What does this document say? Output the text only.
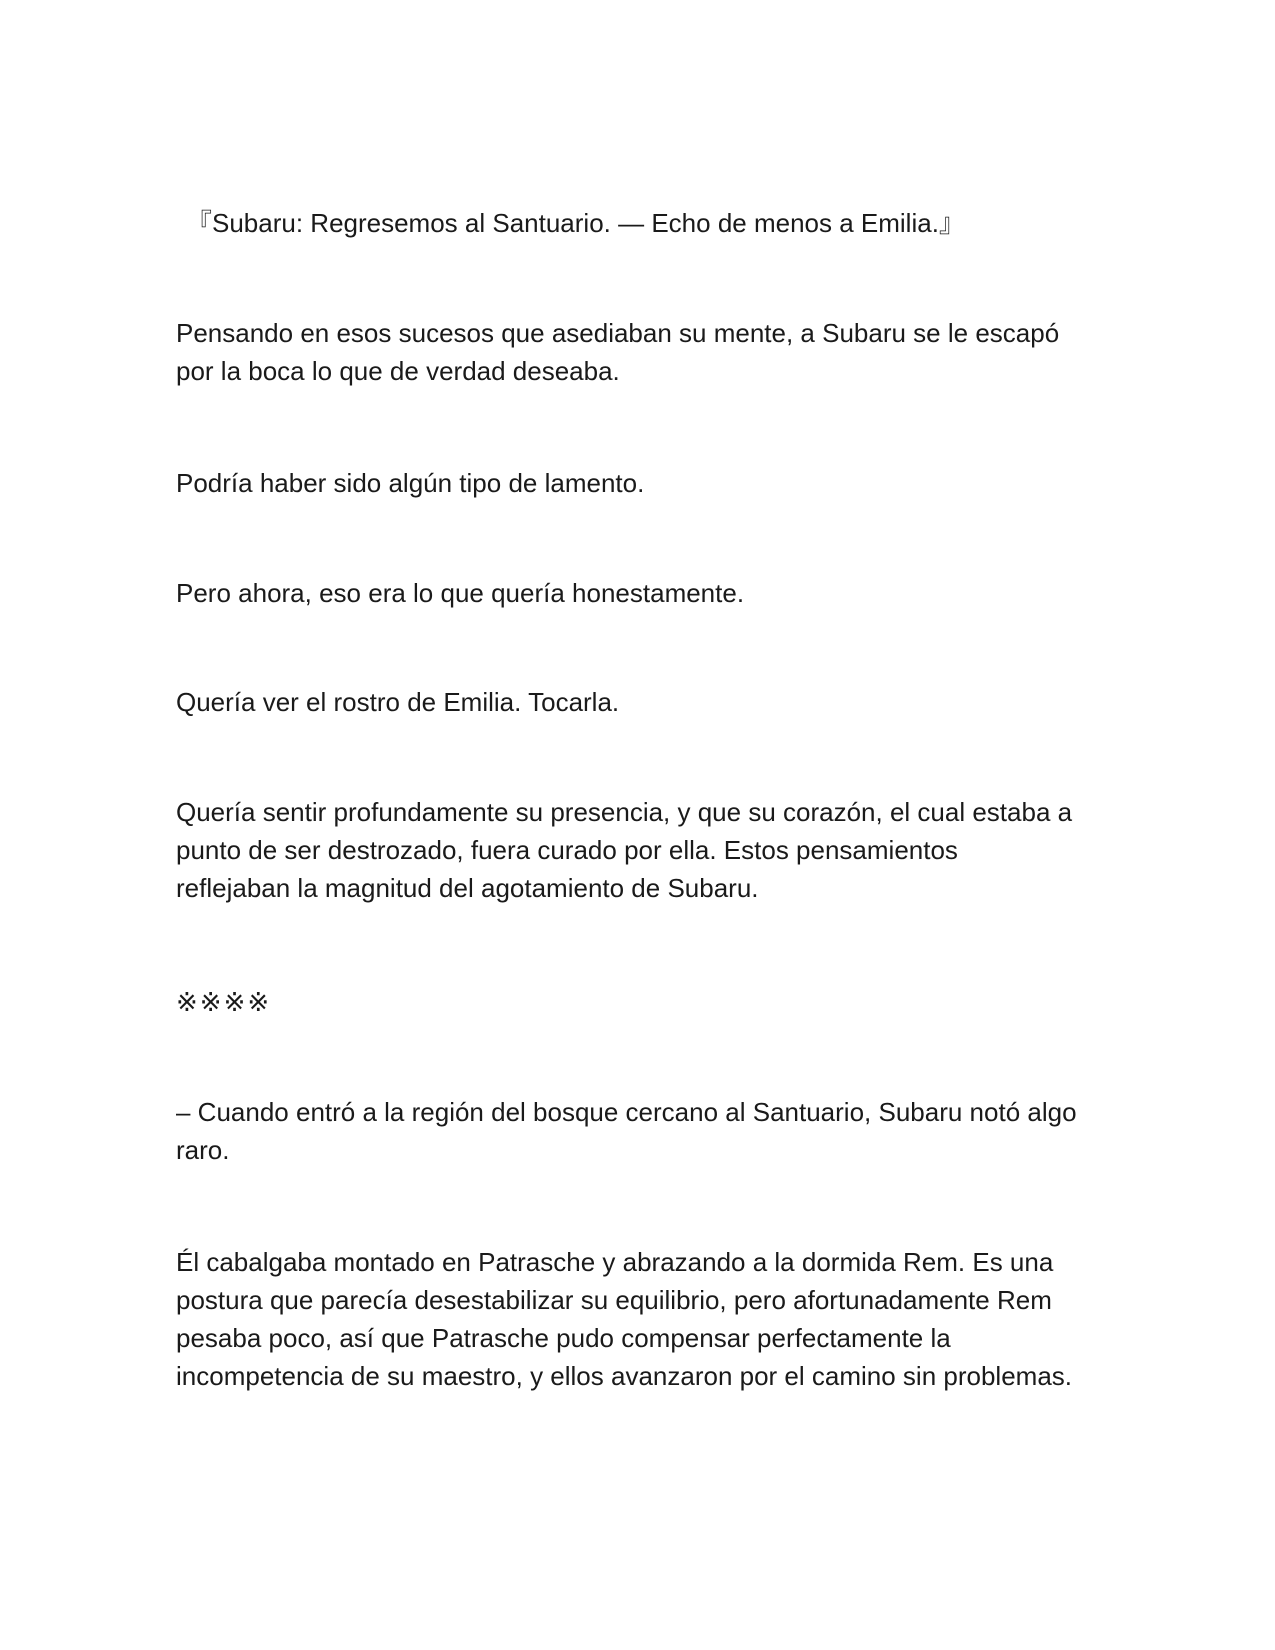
『Subaru: Regresemos al Santuario. — Echo de menos a Emilia.』

Pensando en esos sucesos que asediaban su mente, a Subaru se le escapó
por la boca lo que de verdad deseaba.

Podría haber sido algún tipo de lamento.

Pero ahora, eso era lo que quería honestamente.

Quería ver el rostro de Emilia. Tocarla.

Quería sentir profundamente su presencia, y que su corazón, el cual estaba a
punto de ser destrozado, fuera curado por ella. Estos pensamientos
reflejaban la magnitud del agotamiento de Subaru.

※※※※

– Cuando entró a la región del bosque cercano al Santuario, Subaru notó algo
raro.

Él cabalgaba montado en Patrasche y abrazando a la dormida Rem. Es una
postura que parecía desestabilizar su equilibrio, pero afortunadamente Rem
pesaba poco, así que Patrasche pudo compensar perfectamente la
incompetencia de su maestro, y ellos avanzaron por el camino sin problemas.
